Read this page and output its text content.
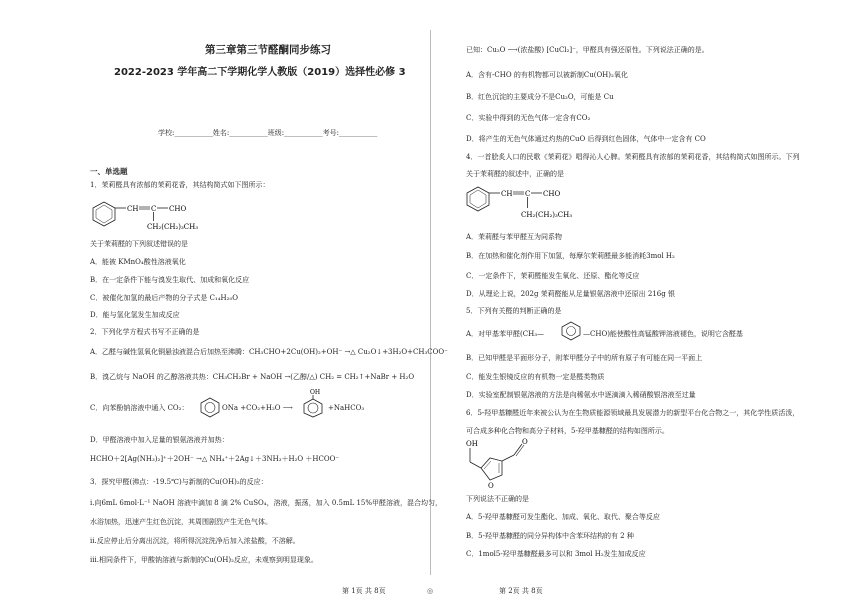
第三章第三节醛酮同步练习
2022-2023 学年高二下学期化学人教版（2019）选择性必修 3
学校:___________姓名:___________班级:___________考号:___________
一、单选题
1．茉莉醛具有浓郁的茉莉花香，其结构简式如下图所示：
CH C CHO
CH₂(CH₂)₃CH₃
关于茉莉醛的下列叙述错误的是
A．能被 KMnO₄酸性溶液氧化
B．在一定条件下能与溴发生取代、加成和氧化反应
C．被催化加氢的最后产物的分子式是 C₁₄H₂₀O
D．能与氢化氢发生加成反应
2．下列化学方程式书写不正确的是
A．乙醛与碱性氢氧化铜悬浊液混合后加热至沸腾：CH₃CHO+2Cu(OH)₂+OH⁻ →△ Cu₂O↓+3H₂O+CH₃COO⁻
B．溴乙烷与 NaOH 的乙醇溶液共热：CH₃CH₂Br + NaOH →(乙醇/△) CH₂ = CH₂↑+NaBr + H₂O
C．向苯酚钠溶液中通入 CO₂：	ONa +CO₂+H₂O ⟶
OH
+NaHCO₃
D．甲醛溶液中加入足量的银氨溶液并加热：
HCHO＋2[Ag(NH₃)₂]⁺＋2OH⁻ →△ NH₄⁺＋2Ag↓＋3NH₃＋H₂O ＋HCOO⁻
3．探究甲醛(沸点：-19.5℃)与新制的Cu(OH)₂的反应：
i.向6mL 6mol·L⁻¹ NaOH 溶液中滴加 8 滴 2% CuSO₄，溶液，振荡，加入 0.5mL 15%甲醛溶液，混合均匀，
水浴加热，迅速产生红色沉淀，其周围剧烈产生无色气体。
ii.反应停止后分离出沉淀，将所得沉淀洗净后加入浓盐酸，不溶解。
iii.相同条件下，甲酸钠溶液与新制的Cu(OH)₂反应，未观察到明显现象。
第 1页 共 8页
已知：Cu₂O ⟶(浓盐酸) [CuCl₂]⁻，甲醛具有强还原性。下列说法正确的是。
A．含有-CHO 的有机物都可以被新制Cu(OH)₂氧化
B．红色沉淀的主要成分不是Cu₂O，可能是 Cu
C．实验中得到的无色气体一定含有CO₂
D．将产生的无色气体通过灼热的CuO 后得到红色固体，气体中一定含有 CO
4．一首脍炙人口的民歌《茉莉花》唱得沁人心脾。茉莉醛具有浓郁的茉莉花香，其结构简式如图所示。下列
关于茉莉醛的叙述中，正确的是
CH C CHO
CH₂(CH₂)₃CH₃
A．茉莉醛与苯甲醛互为同系物
B．在加热和催化剂作用下加氢，每摩尔茉莉醛最多能消耗3mol H₂
C．一定条件下，茉莉醛能发生氧化、还原、酯化等反应
D．从理论上说，202g 茉莉醛能从足量银氨溶液中还原出 216g 银
5．下列有关醛的判断正确的是
A．对甲基苯甲醛(CH₃—	—CHO)能使酸性高锰酸钾溶液褪色，说明它含醛基
B．已知甲醛是平面形分子，则苯甲醛分子中的所有原子有可能在同一平面上
C．能发生银镜反应的有机物一定是醛类物质
D．实验室配制银氨溶液的方法是向稀氨水中逐滴滴入稀硝酸银溶液至过量
6．5-羟甲基糠醛近年来被公认为在生物质能源领域最具发展潜力的新型平台化合物之一，其化学性质活泼，
可合成多种化合物和高分子材料，5-羟甲基糠醛的结构如图所示。
OH
O
O
下列说法不正确的是
A．5-羟甲基糠醛可发生酯化、加成、氧化、取代、聚合等反应
B．5-羟甲基糠醛的同分异构体中含苯环结构的有 2 种
C．1mol5-羟甲基糠醛最多可以和 3mol H₂发生加成反应
第 2页 共 8页
◎
